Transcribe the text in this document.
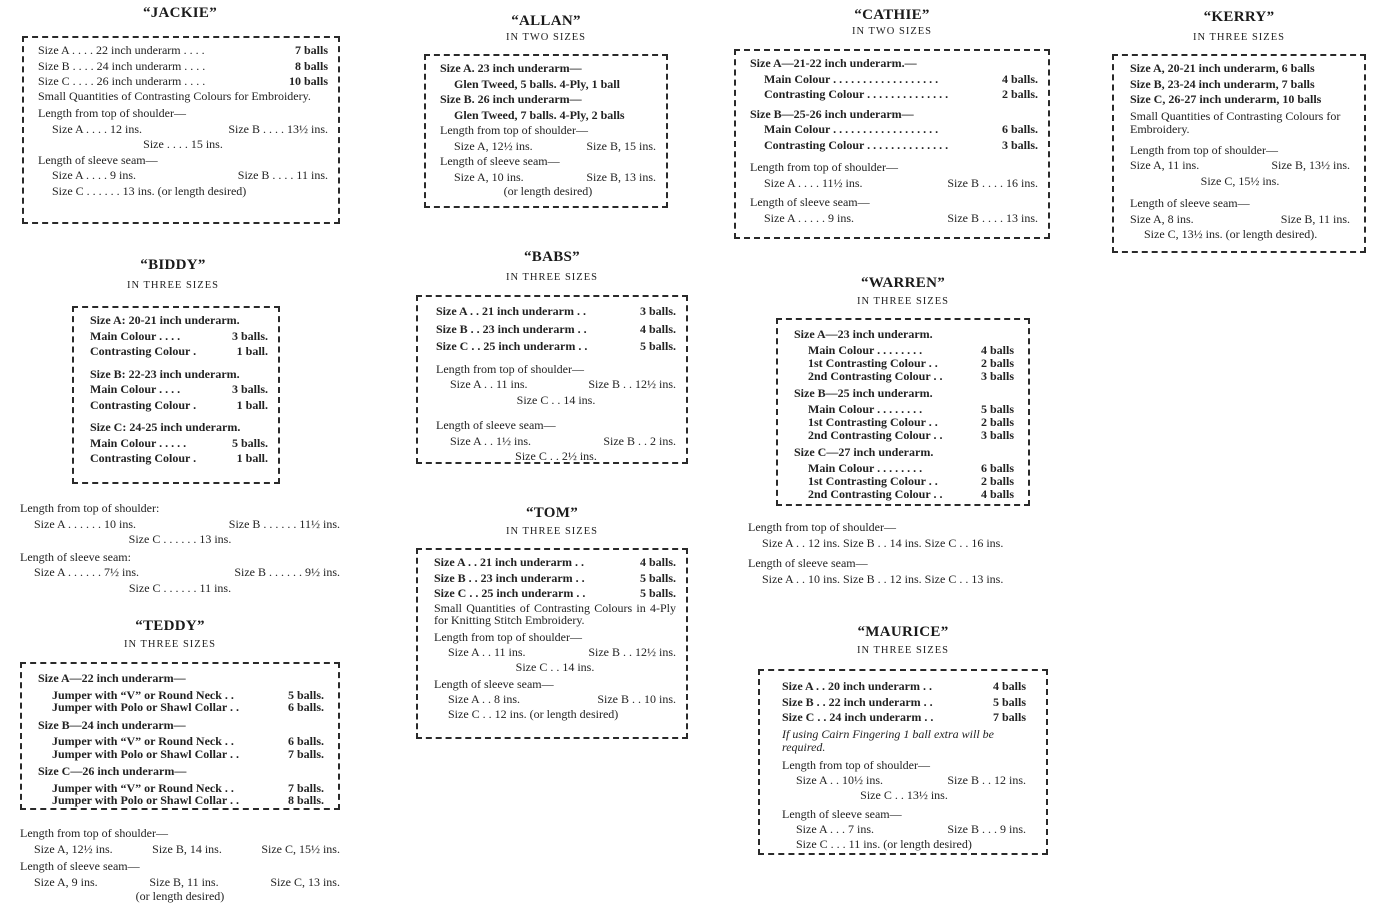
“JACKIE”
Size A . . . . 22 inch underarm . . . .	7 balls
Size B . . . . 24 inch underarm . . . .	8 balls
Size C . . . . 26 inch underarm . . . .	10 balls
Small Quantities of Contrasting Colours for Embroidery.
Length from top of shoulder—
Size A . . . . 12 ins.	Size B . . . . 13½ ins.
Size . . . . 15 ins.
Length of sleeve seam—
Size A . . . . 9 ins.	Size B . . . . 11 ins.
Size C . . . . . . 13 ins. (or length desired)
“ALLAN”
IN TWO SIZES
Size A. 23 inch underarm—
Glen Tweed, 5 balls. 4-Ply, 1 ball
Size B. 26 inch underarm—
Glen Tweed, 7 balls. 4-Ply, 2 balls
Length from top of shoulder—
Size A, 12½ ins.	Size B, 15 ins.
Length of sleeve seam—
Size A, 10 ins.	Size B, 13 ins.
(or length desired)
“CATHIE”
IN TWO SIZES
Size A—21-22 inch underarm.—
Main Colour . . . . . . . . . . . . . . . . . .	4 balls.
Contrasting Colour . . . . . . . . . . . . . .	2 balls.
Size B—25-26 inch underarm—
Main Colour . . . . . . . . . . . . . . . . . .	6 balls.
Contrasting Colour . . . . . . . . . . . . . .	3 balls.
Length from top of shoulder—
Size A . . . . 11½ ins.	Size B . . . . 16 ins.
Length of sleeve seam—
Size A . . . . . 9 ins.	Size B . . . . 13 ins.
“KERRY”
IN THREE SIZES
Size A, 20-21 inch underarm, 6 balls
Size B, 23-24 inch underarm, 7 balls
Size C, 26-27 inch underarm, 10 balls
Small Quantities of Contrasting Colours for Embroidery.
Length from top of shoulder—
Size A, 11 ins.	Size B, 13½ ins.
Size C, 15½ ins.
Length of sleeve seam—
Size A, 8 ins.	Size B, 11 ins.
Size C, 13½ ins. (or length desired).
“BIDDY”
IN THREE SIZES
Size A: 20-21 inch underarm.
Main Colour . . . .	3 balls.
Contrasting Colour .	1 ball.
Size B: 22-23 inch underarm.
Main Colour . . . .	3 balls.
Contrasting Colour .	1 ball.
Size C: 24-25 inch underarm.
Main Colour . . . . .	5 balls.
Contrasting Colour .	1 ball.
Length from top of shoulder:
Size A . . . . . . 10 ins.	Size B . . . . . . 11½ ins.
Size C . . . . . . 13 ins.
Length of sleeve seam:
Size A . . . . . . 7½ ins.	Size B . . . . . . 9½ ins.
Size C . . . . . . 11 ins.
“BABS”
IN THREE SIZES
Size A . . 21 inch underarm . .	3 balls.
Size B . . 23 inch underarm . .	4 balls.
Size C . . 25 inch underarm . .	5 balls.
Length from top of shoulder—
Size A . . 11 ins.	Size B . . 12½ ins.
Size C . . 14 ins.
Length of sleeve seam—
Size A . . 1½ ins.	Size B . . 2 ins.
Size C . . 2½ ins.
“WARREN”
IN THREE SIZES
Size A—23 inch underarm.
Main Colour . . . . . . . .	4 balls
1st Contrasting Colour . .	2 balls
2nd Contrasting Colour . .	3 balls
Size B—25 inch underarm.
Main Colour . . . . . . . .	5 balls
1st Contrasting Colour . .	2 balls
2nd Contrasting Colour . .	3 balls
Size C—27 inch underarm.
Main Colour . . . . . . . .	6 balls
1st Contrasting Colour . .	2 balls
2nd Contrasting Colour . .	4 balls
Length from top of shoulder—
Size A . . 12 ins. Size B . . 14 ins. Size C . . 16 ins.
Length of sleeve seam—
Size A . . 10 ins. Size B . . 12 ins. Size C . . 13 ins.
“TEDDY”
IN THREE SIZES
Size A—22 inch underarm—
Jumper with “V” or Round Neck . .	5 balls.
Jumper with Polo or Shawl Collar . .	6 balls.
Size B—24 inch underarm—
Jumper with “V” or Round Neck . .	6 balls.
Jumper with Polo or Shawl Collar . .	7 balls.
Size C—26 inch underarm—
Jumper with “V” or Round Neck . .	7 balls.
Jumper with Polo or Shawl Collar . .	8 balls.
Length from top of shoulder—
Size A, 12½ ins.	Size B, 14 ins.	Size C, 15½ ins.
Length of sleeve seam—
Size A, 9 ins.	Size B, 11 ins.	Size C, 13 ins.
(or length desired)
“TOM”
IN THREE SIZES
Size A . . 21 inch underarm . .	4 balls.
Size B . . 23 inch underarm . .	5 balls.
Size C . . 25 inch underarm . .	5 balls.
Small Quantities of Contrasting Colours in 4-Ply for Knitting Stitch Embroidery.
Length from top of shoulder—
Size A . . 11 ins.	Size B . . 12½ ins.
Size C . . 14 ins.
Length of sleeve seam—
Size A . . 8 ins.	Size B . . 10 ins.
Size C . . 12 ins. (or length desired)
“MAURICE”
IN THREE SIZES
Size A . . 20 inch underarm . .	4 balls
Size B . . 22 inch underarm . .	5 balls
Size C . . 24 inch underarm . .	7 balls
If using Cairn Fingering 1 ball extra will be required.
Length from top of shoulder—
Size A . . 10½ ins.	Size B . . 12 ins.
Size C . . 13½ ins.
Length of sleeve seam—
Size A . . . 7 ins.	Size B . . . 9 ins.
Size C . . . 11 ins. (or length desired)
